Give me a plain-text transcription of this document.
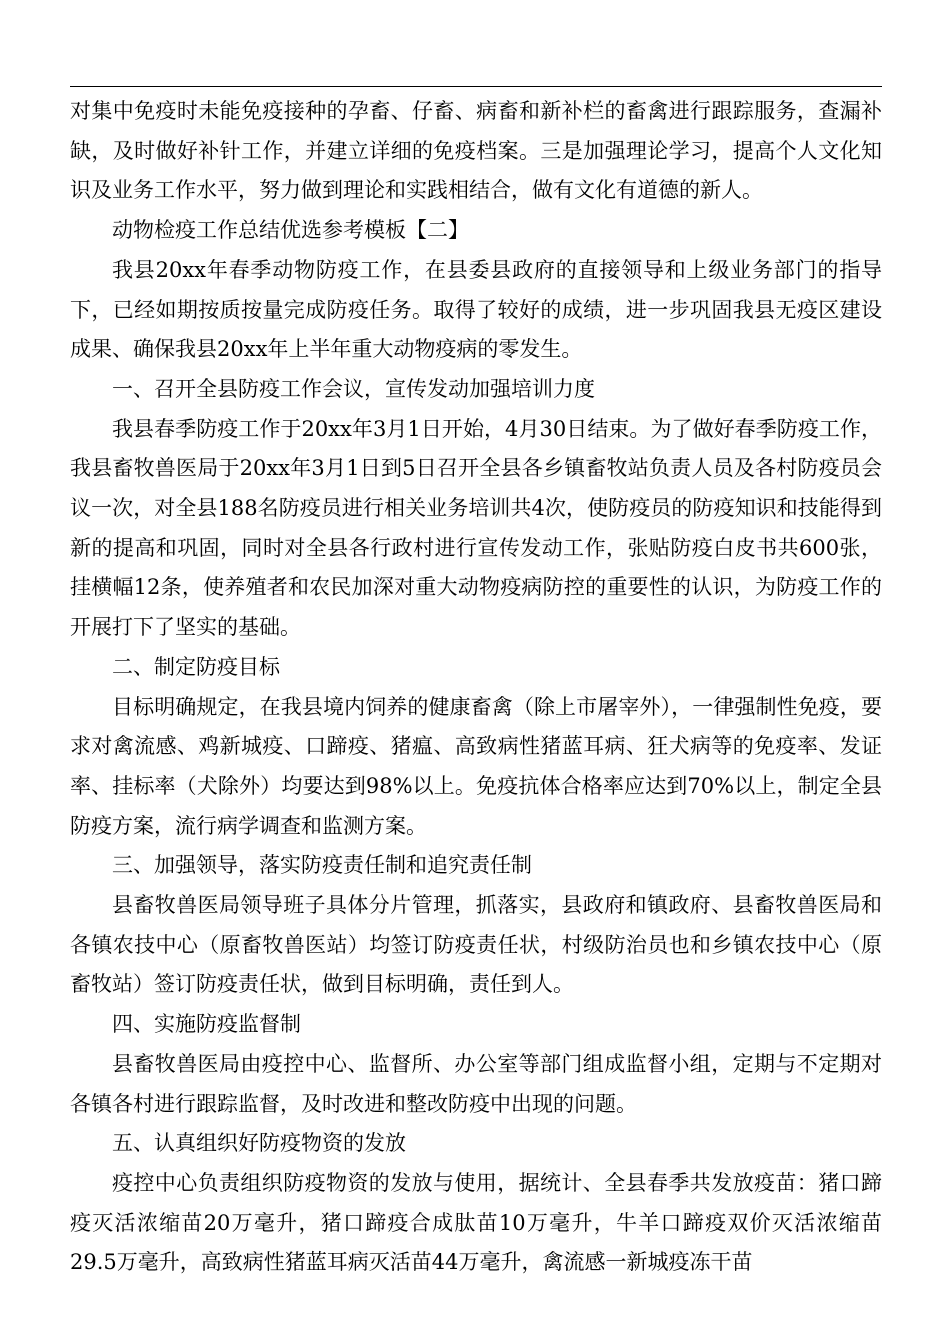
对集中免疫时未能免疫接种的孕畜、仔畜、病畜和新补栏的畜禽进行跟踪服务，查漏补缺，及时做好补针工作，并建立详细的免疫档案。三是加强理论学习，提高个人文化知识及业务工作水平，努力做到理论和实践相结合，做有文化有道德的新人。

动物检疫工作总结优选参考模板【二】

我县20xx年春季动物防疫工作，在县委县政府的直接领导和上级业务部门的指导下，已经如期按质按量完成防疫任务。取得了较好的成绩，进一步巩固我县无疫区建设成果、确保我县20xx年上半年重大动物疫病的零发生。

一、召开全县防疫工作会议，宣传发动加强培训力度

我县春季防疫工作于20xx年3月1日开始，4月30日结束。为了做好春季防疫工作，我县畜牧兽医局于20xx年3月1日到5日召开全县各乡镇畜牧站负责人员及各村防疫员会议一次，对全县188名防疫员进行相关业务培训共4次，使防疫员的防疫知识和技能得到新的提高和巩固，同时对全县各行政村进行宣传发动工作，张贴防疫白皮书共600张，挂横幅12条，使养殖者和农民加深对重大动物疫病防控的重要性的认识，为防疫工作的开展打下了坚实的基础。

二、制定防疫目标

目标明确规定，在我县境内饲养的健康畜禽（除上市屠宰外），一律强制性免疫，要求对禽流感、鸡新城疫、口蹄疫、猪瘟、高致病性猪蓝耳病、狂犬病等的免疫率、发证率、挂标率（犬除外）均要达到98%以上。免疫抗体合格率应达到70%以上，制定全县防疫方案，流行病学调查和监测方案。

三、加强领导，落实防疫责任制和追究责任制

县畜牧兽医局领导班子具体分片管理，抓落实，县政府和镇政府、县畜牧兽医局和各镇农技中心（原畜牧兽医站）均签订防疫责任状，村级防治员也和乡镇农技中心（原畜牧站）签订防疫责任状，做到目标明确，责任到人。

四、实施防疫监督制

县畜牧兽医局由疫控中心、监督所、办公室等部门组成监督小组，定期与不定期对各镇各村进行跟踪监督，及时改进和整改防疫中出现的问题。

五、认真组织好防疫物资的发放

疫控中心负责组织防疫物资的发放与使用，据统计、全县春季共发放疫苗：猪口蹄疫灭活浓缩苗20万毫升，猪口蹄疫合成肽苗10万毫升，牛羊口蹄疫双价灭活浓缩苗29.5万毫升，高致病性猪蓝耳病灭活苗44万毫升，禽流感一新城疫冻干苗
